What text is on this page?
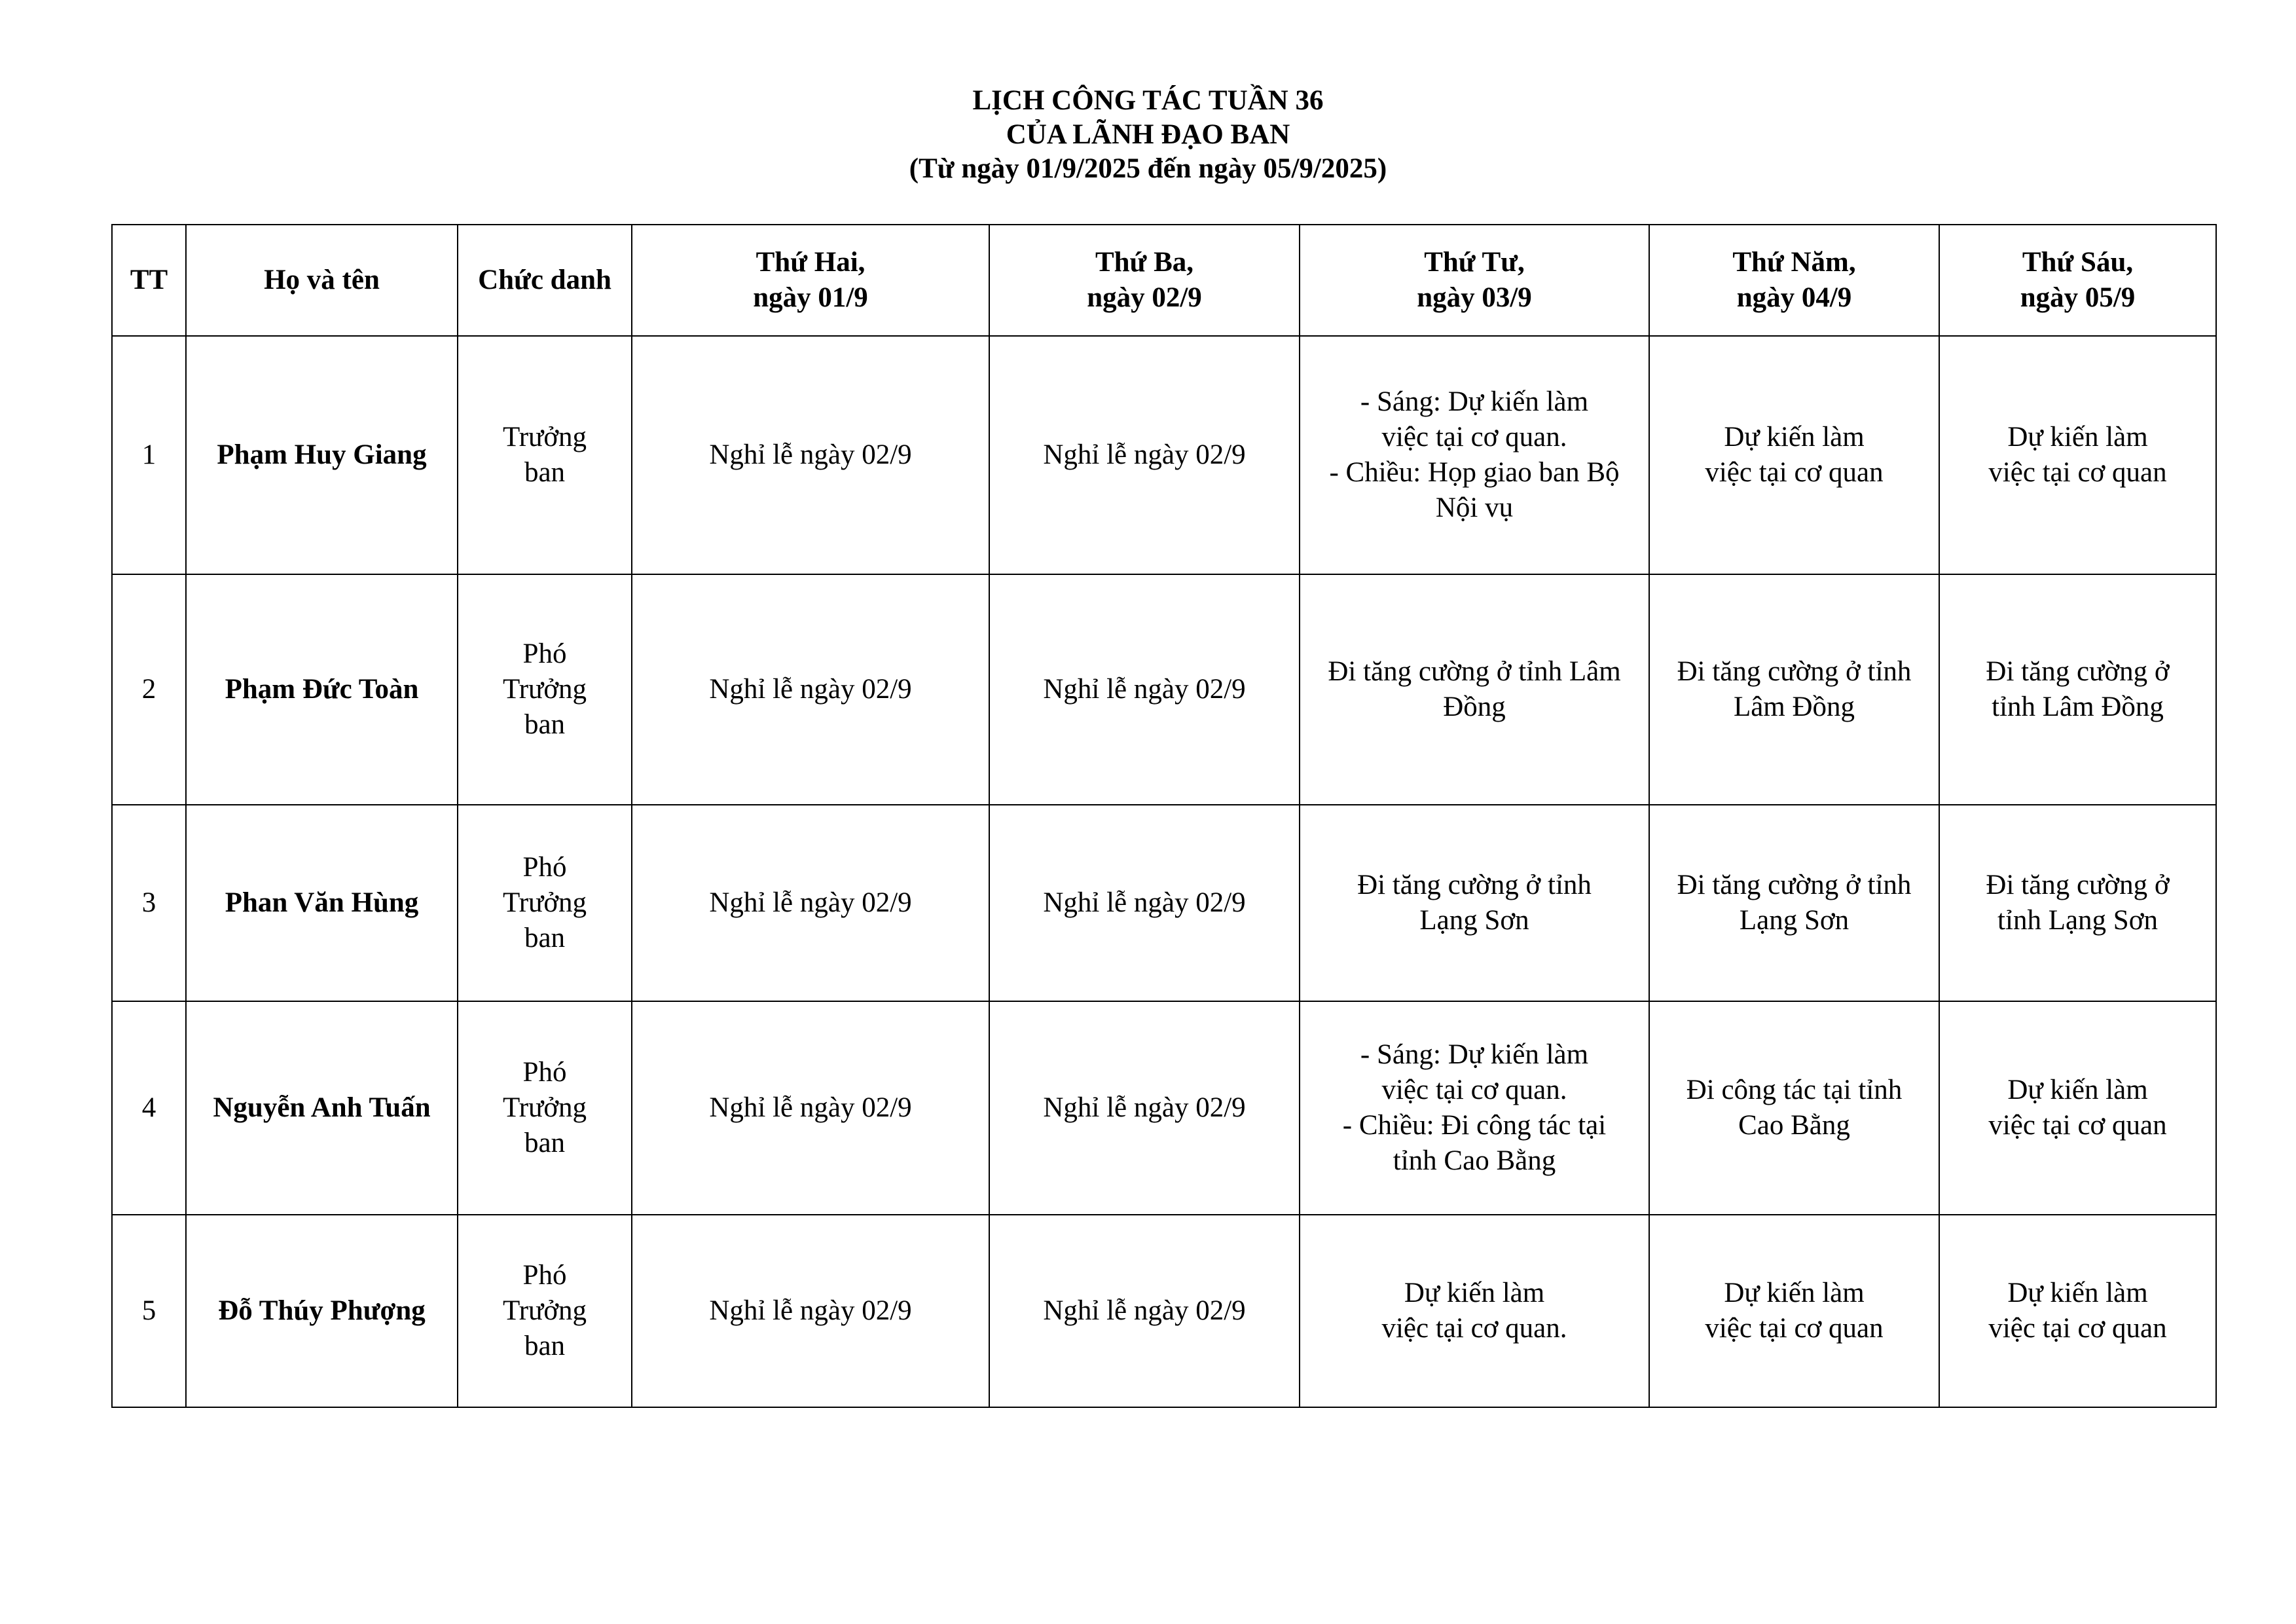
LỊCH CÔNG TÁC TUẦN 36
CỦA LÃNH ĐẠO BAN
(Từ ngày 01/9/2025 đến ngày 05/9/2025)
TT	Họ và tên	Chức danh	Thứ Hai,
ngày 01/9	Thứ Ba,
ngày 02/9	Thứ Tư,
ngày 03/9	Thứ Năm,
ngày 04/9	Thứ Sáu,
ngày 05/9

1	Phạm Huy Giang	Trưởng
ban	Nghỉ lễ ngày 02/9	Nghỉ lễ ngày 02/9	- Sáng: Dự kiến làm
việc tại cơ quan.
- Chiều: Họp giao ban Bộ
Nội vụ	Dự kiến làm
việc tại cơ quan	Dự kiến làm
việc tại cơ quan

2	Phạm Đức Toàn	Phó
Trưởng
ban	Nghỉ lễ ngày 02/9	Nghỉ lễ ngày 02/9	Đi tăng cường ở tỉnh Lâm
Đồng	Đi tăng cường ở tỉnh
Lâm Đồng	Đi tăng cường ở
tỉnh Lâm Đồng

3	Phan Văn Hùng	Phó
Trưởng
ban	Nghỉ lễ ngày 02/9	Nghỉ lễ ngày 02/9	Đi tăng cường ở tỉnh
Lạng Sơn	Đi tăng cường ở tỉnh
Lạng Sơn	Đi tăng cường ở
tỉnh Lạng Sơn

4	Nguyễn Anh Tuấn	Phó
Trưởng
ban	Nghỉ lễ ngày 02/9	Nghỉ lễ ngày 02/9	- Sáng: Dự kiến làm
việc tại cơ quan.
- Chiều: Đi công tác tại
tỉnh Cao Bằng	Đi công tác tại tỉnh
Cao Bằng	Dự kiến làm
việc tại cơ quan

5	Đỗ Thúy Phượng	Phó
Trưởng
ban	Nghỉ lễ ngày 02/9	Nghỉ lễ ngày 02/9	Dự kiến làm
việc tại cơ quan.	Dự kiến làm
việc tại cơ quan	Dự kiến làm
việc tại cơ quan
